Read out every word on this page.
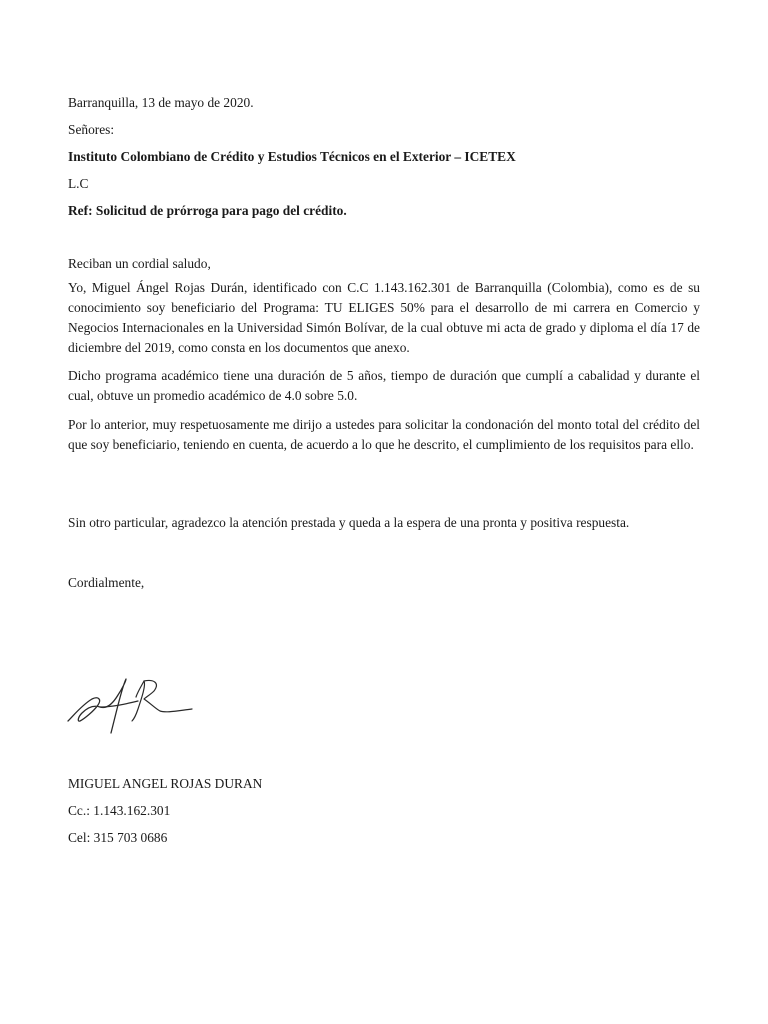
Barranquilla, 13 de mayo de 2020.
Señores:
Instituto Colombiano de Crédito y Estudios Técnicos en el Exterior – ICETEX
L.C
Ref: Solicitud de prórroga para pago del crédito.
Reciban un cordial saludo,
Yo, Miguel Ángel Rojas Durán, identificado con C.C 1.143.162.301 de Barranquilla (Colombia), como es de su conocimiento soy beneficiario del Programa: TU ELIGES 50% para el desarrollo de mi carrera en Comercio y Negocios Internacionales en la Universidad Simón Bolívar, de la cual obtuve mi acta de grado y diploma el día 17 de diciembre del 2019, como consta en los documentos que anexo.
Dicho programa académico tiene una duración de 5 años, tiempo de duración que cumplí a cabalidad y durante el cual, obtuve un promedio académico de 4.0 sobre 5.0.
Por lo anterior, muy respetuosamente me dirijo a ustedes para solicitar la condonación del monto total del crédito del que soy beneficiario, teniendo en cuenta, de acuerdo a lo que he descrito, el cumplimiento de los requisitos para ello.
Sin otro particular, agradezco la atención prestada y queda a la espera de una pronta y positiva respuesta.
Cordialmente,
MIGUEL ANGEL ROJAS DURAN
Cc.: 1.143.162.301
Cel: 315 703 0686
